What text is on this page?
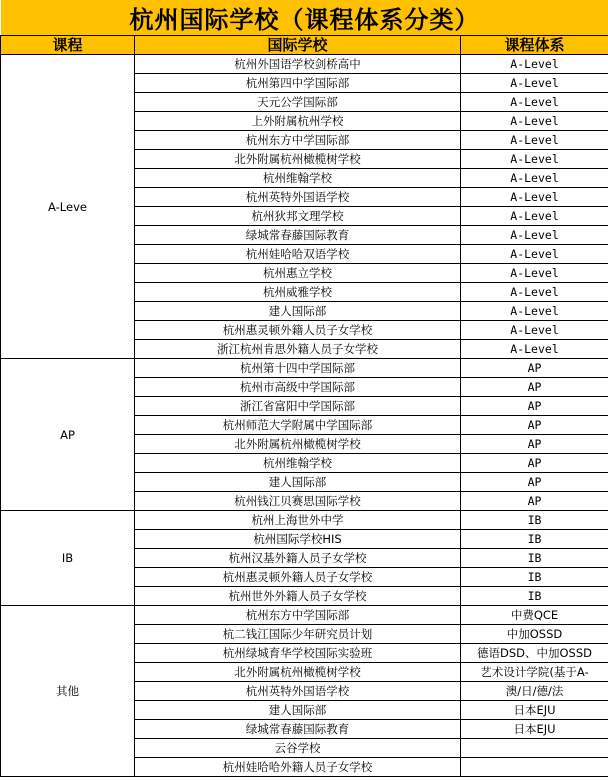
杭州国际学校（课程体系分类）		
课程	国际学校	课程体系
A-Leve	杭州外国语学校剑桥高中	A-Level
	杭州第四中学国际部	A-Level
	天元公学国际部	A-Level
	上外附属杭州学校	A-Level
	杭州东方中学国际部	A-Level
	北外附属杭州橄榄树学校	A-Level
	杭州维翰学校	A-Level
	杭州英特外国语学校	A-Level
	杭州狄邦文理学校	A-Level
	绿城常春藤国际教育	A-Level
	杭州娃哈哈双语学校	A-Level
	杭州惠立学校	A-Level
	杭州威雅学校	A-Level
	建人国际部	A-Level
	杭州惠灵顿外籍人员子女学校	A-Level
	浙江杭州肯思外籍人员子女学校	A-Level
AP	杭州第十四中学国际部	AP
	杭州市高级中学国际部	AP
	浙江省富阳中学国际部	AP
	杭州师范大学附属中学国际部	AP
	北外附属杭州橄榄树学校	AP
	杭州维翰学校	AP
	建人国际部	AP
	杭州钱江贝赛思国际学校	AP
IB	杭州上海世外中学	IB
	杭州国际学校HIS	IB
	杭州汉基外籍人员子女学校	IB
	杭州惠灵顿外籍人员子女学校	IB
	杭州世外外籍人员子女学校	IB
其他	杭州东方中学国际部	中费QCE
	杭二钱江国际少年研究员计划	中加OSSD
	杭州绿城育华学校国际实验班	德语DSD、中加OSSD
	北外附属杭州橄榄树学校	艺术设计学院(基于A-
	杭州英特外国语学校	澳/日/德/法
	建人国际部	日本EJU
	绿城常春藤国际教育	日本EJU
	云谷学校	
	杭州娃哈哈外籍人员子女学校	
